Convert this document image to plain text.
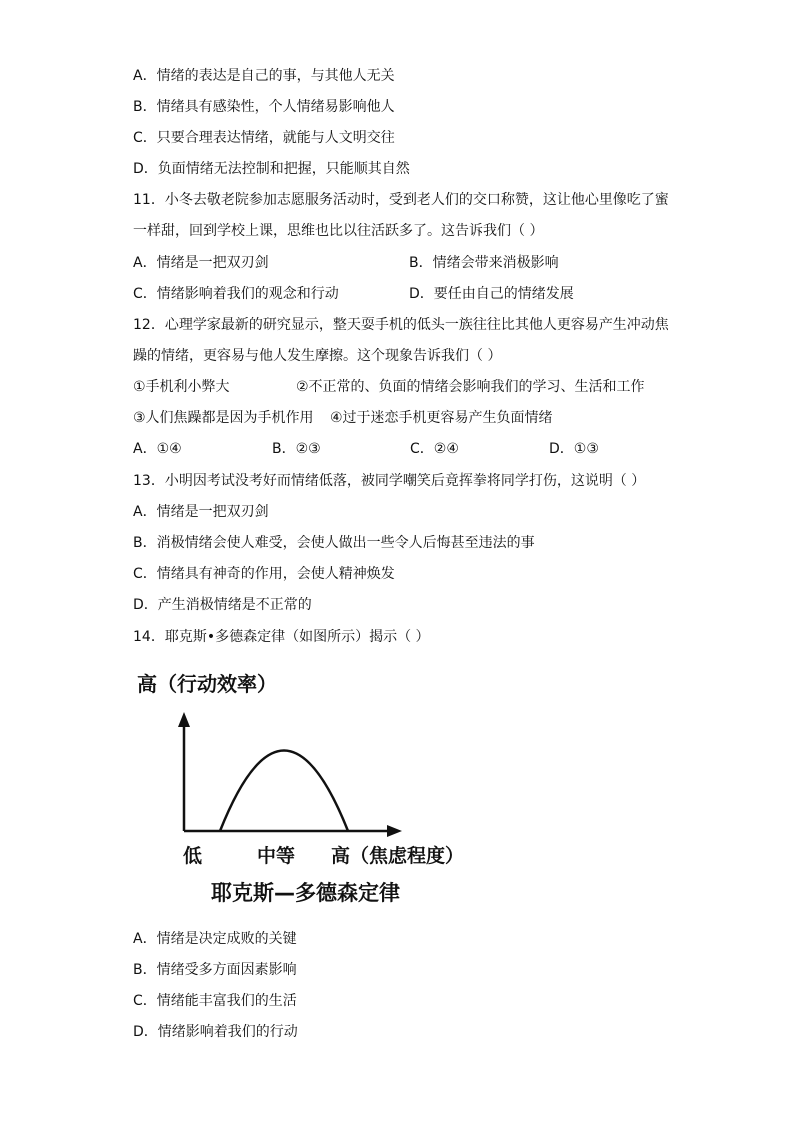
A．情绪的表达是自己的事，与其他人无关
B．情绪具有感染性，个人情绪易影响他人
C．只要合理表达情绪，就能与人文明交往
D．负面情绪无法控制和把握，只能顺其自然
11．小冬去敬老院参加志愿服务活动时，受到老人们的交口称赞，这让他心里像吃了蜜
一样甜，回到学校上课，思维也比以往活跃多了。这告诉我们（ ）
A．情绪是一把双刃剑	B．情绪会带来消极影响
C．情绪影响着我们的观念和行动	D．要任由自己的情绪发展
12．心理学家最新的研究显示，整天耍手机的低头一族往往比其他人更容易产生冲动焦
躁的情绪，更容易与他人发生摩擦。这个现象告诉我们（ ）
①手机利小弊大	②不正常的、负面的情绪会影响我们的学习、生活和工作
③人们焦躁都是因为手机作用 ④过于迷恋手机更容易产生负面情绪
A．①④	B．②③	C．②④	D．①③
13．小明因考试没考好而情绪低落，被同学嘲笑后竟挥拳将同学打伤，这说明（ ）
A．情绪是一把双刃剑
B．消极情绪会使人难受，会使人做出一些令人后悔甚至违法的事
C．情绪具有神奇的作用，会使人精神焕发
D．产生消极情绪是不正常的
14．耶克斯•多德森定律（如图所示）揭示（ ）
高（行动效率）
低	中等 高（焦虑程度）
耶克斯—多德森定律
A．情绪是决定成败的关键
B．情绪受多方面因素影响
C．情绪能丰富我们的生活
D．情绪影响着我们的行动
